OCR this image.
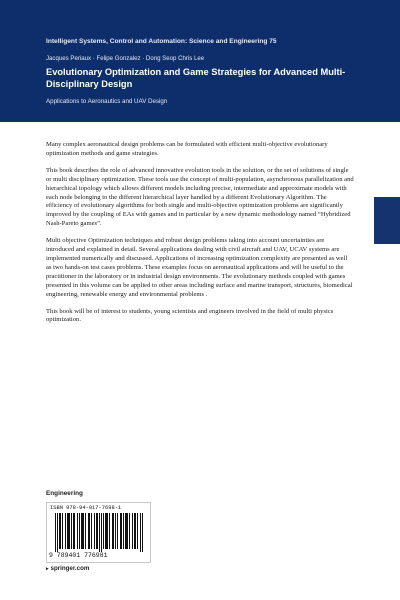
Intelligent Systems, Control and Automation: Science and Engineering 75
Jacques Periaux · Felipe Gonzalez · Dong Seop Chris Lee
Evolutionary Optimization and Game Strategies for Advanced Multi-Disciplinary Design
Applications to Aeronautics and UAV Design

Many complex aeronautical design problems can be formulated with efficient multi-objective evolutionary optimization methods and game strategies.

This book describes the role of advanced innovative evolution tools in the solution, or the set of solutions of single or multi disciplinary optimization. These tools use the concept of multi-population, asynchronous parallelization and hierarchical topology which allows different models including precise, intermediate and approximate models with each node belonging to the different hierarchical layer handled by a different Evolutionary Algorithm. The efficiency of evolutionary algorithms for both single and multi-objective optimization problems are significantly improved by the coupling of EAs with games and in particular by a new dynamic methodology named “Hybridized Nash-Pareto games”.

Multi objective Optimization techniques and robust design problems taking into account uncertainties are introduced and explained in detail. Several applications dealing with civil aircraft and UAV, UCAV systems are implemented numerically and discussed. Applications of increasing optimization complexity are presented as well as two hands-on test cases problems. These examples focus on aeronautical applications and will be useful to the practitioner in the laboratory or in industrial design environments. The evolutionary methods coupled with games presented in this volume can be applied to other areas including surface and marine transport, structures, biomedical engineering, renewable energy and environmental problems .

This book will be of interest to students, young scientists and engineers involved in the field of multi physics optimization.

Engineering
ISBN 978-94-017-7698-1
9 789401 776981
▸ springer.com
